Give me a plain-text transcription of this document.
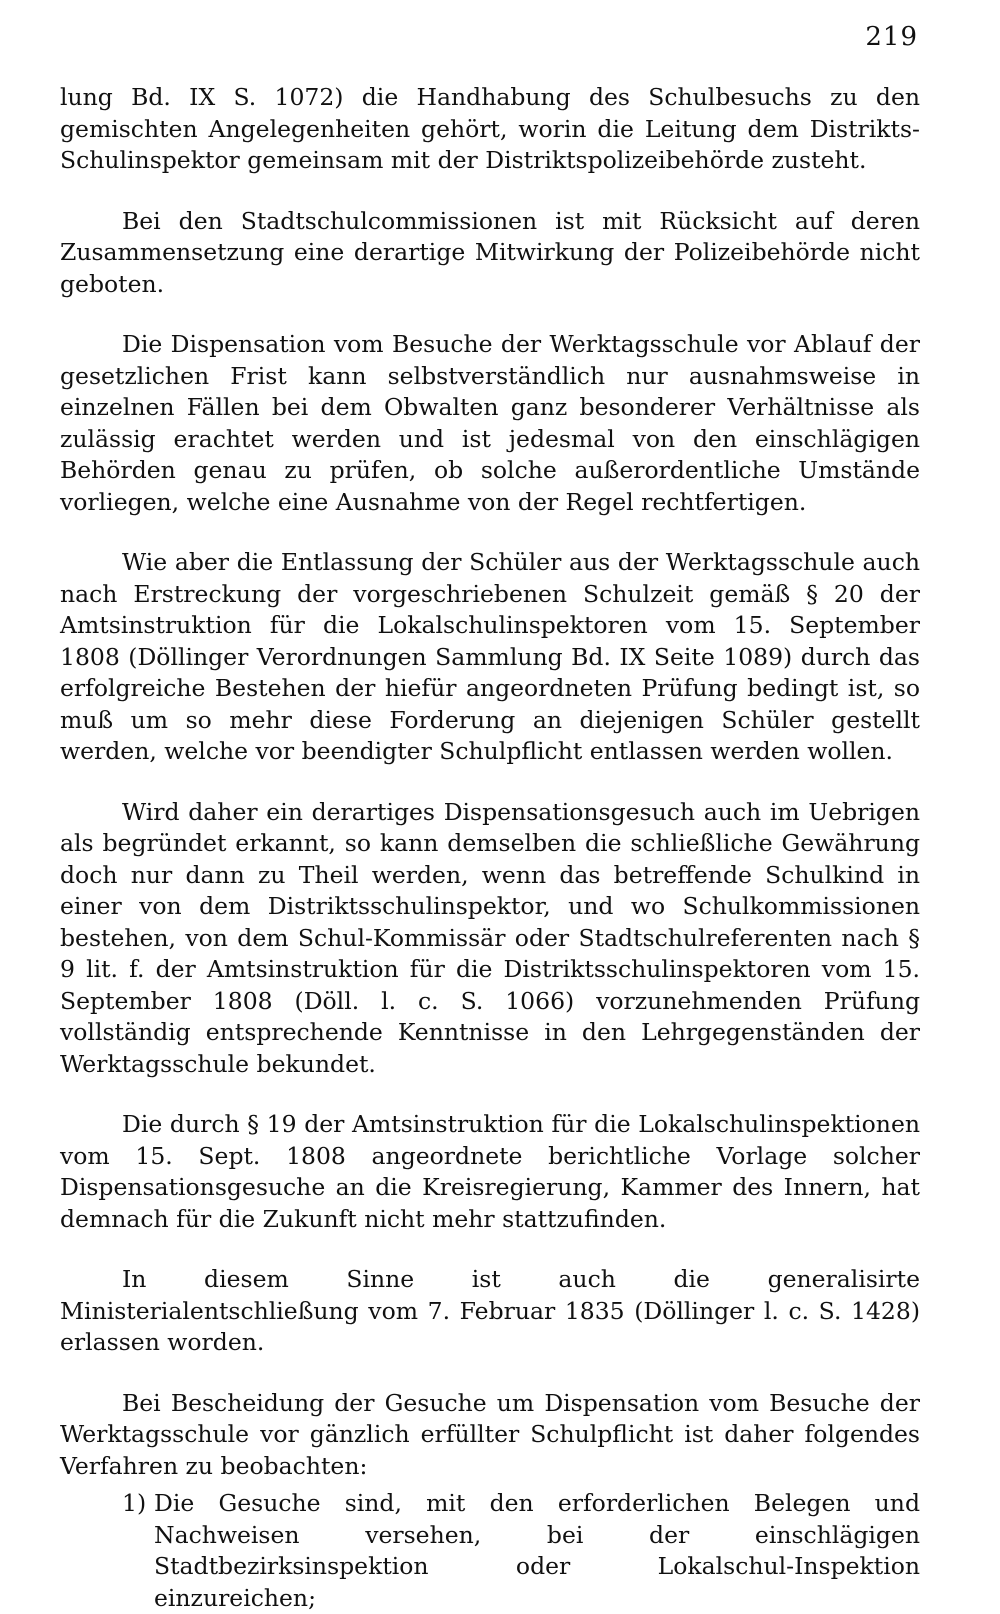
219

lung Bd. IX S. 1072) die Handhabung des Schulbesuchs zu den gemischten Angelegenheiten gehört, worin die Leitung dem Distrikts-Schulinspektor gemeinsam mit der Distriktspolizeibehörde zusteht.

Bei den Stadtschulcommissionen ist mit Rücksicht auf deren Zusammensetzung eine derartige Mitwirkung der Polizeibehörde nicht geboten.

Die Dispensation vom Besuche der Werktagsschule vor Ablauf der gesetzlichen Frist kann selbstverständlich nur ausnahmsweise in einzelnen Fällen bei dem Obwalten ganz besonderer Verhältnisse als zulässig erachtet werden und ist jedesmal von den einschlägigen Behörden genau zu prüfen, ob solche außerordentliche Umstände vorliegen, welche eine Ausnahme von der Regel rechtfertigen.

Wie aber die Entlassung der Schüler aus der Werktagsschule auch nach Erstreckung der vorgeschriebenen Schulzeit gemäß § 20 der Amtsinstruktion für die Lokalschulinspektoren vom 15. September 1808 (Döllinger Verordnungen Sammlung Bd. IX Seite 1089) durch das erfolgreiche Bestehen der hiefür angeordneten Prüfung bedingt ist, so muß um so mehr diese Forderung an diejenigen Schüler gestellt werden, welche vor beendigter Schulpflicht entlassen werden wollen.

Wird daher ein derartiges Dispensationsgesuch auch im Uebrigen als begründet erkannt, so kann demselben die schließliche Gewährung doch nur dann zu Theil werden, wenn das betreffende Schulkind in einer von dem Distriktsschulinspektor, und wo Schulkommissionen bestehen, von dem Schul-Kommissär oder Stadtschulreferenten nach § 9 lit. f. der Amtsinstruktion für die Distriktsschulinspektoren vom 15. September 1808 (Döll. l. c. S. 1066) vorzunehmenden Prüfung vollständig entsprechende Kenntnisse in den Lehrgegenständen der Werktagsschule bekundet.

Die durch § 19 der Amtsinstruktion für die Lokalschulinspektionen vom 15. Sept. 1808 angeordnete berichtliche Vorlage solcher Dispensationsgesuche an die Kreisregierung, Kammer des Innern, hat demnach für die Zukunft nicht mehr stattzufinden.

In diesem Sinne ist auch die generalisirte Ministerialentschließung vom 7. Februar 1835 (Döllinger l. c. S. 1428) erlassen worden.

Bei Bescheidung der Gesuche um Dispensation vom Besuche der Werktagsschule vor gänzlich erfüllter Schulpflicht ist daher folgendes Verfahren zu beobachten:

1) Die Gesuche sind, mit den erforderlichen Belegen und Nachweisen versehen, bei der einschlägigen Stadtbezirksinspektion oder Lokalschul-Inspektion einzureichen;
